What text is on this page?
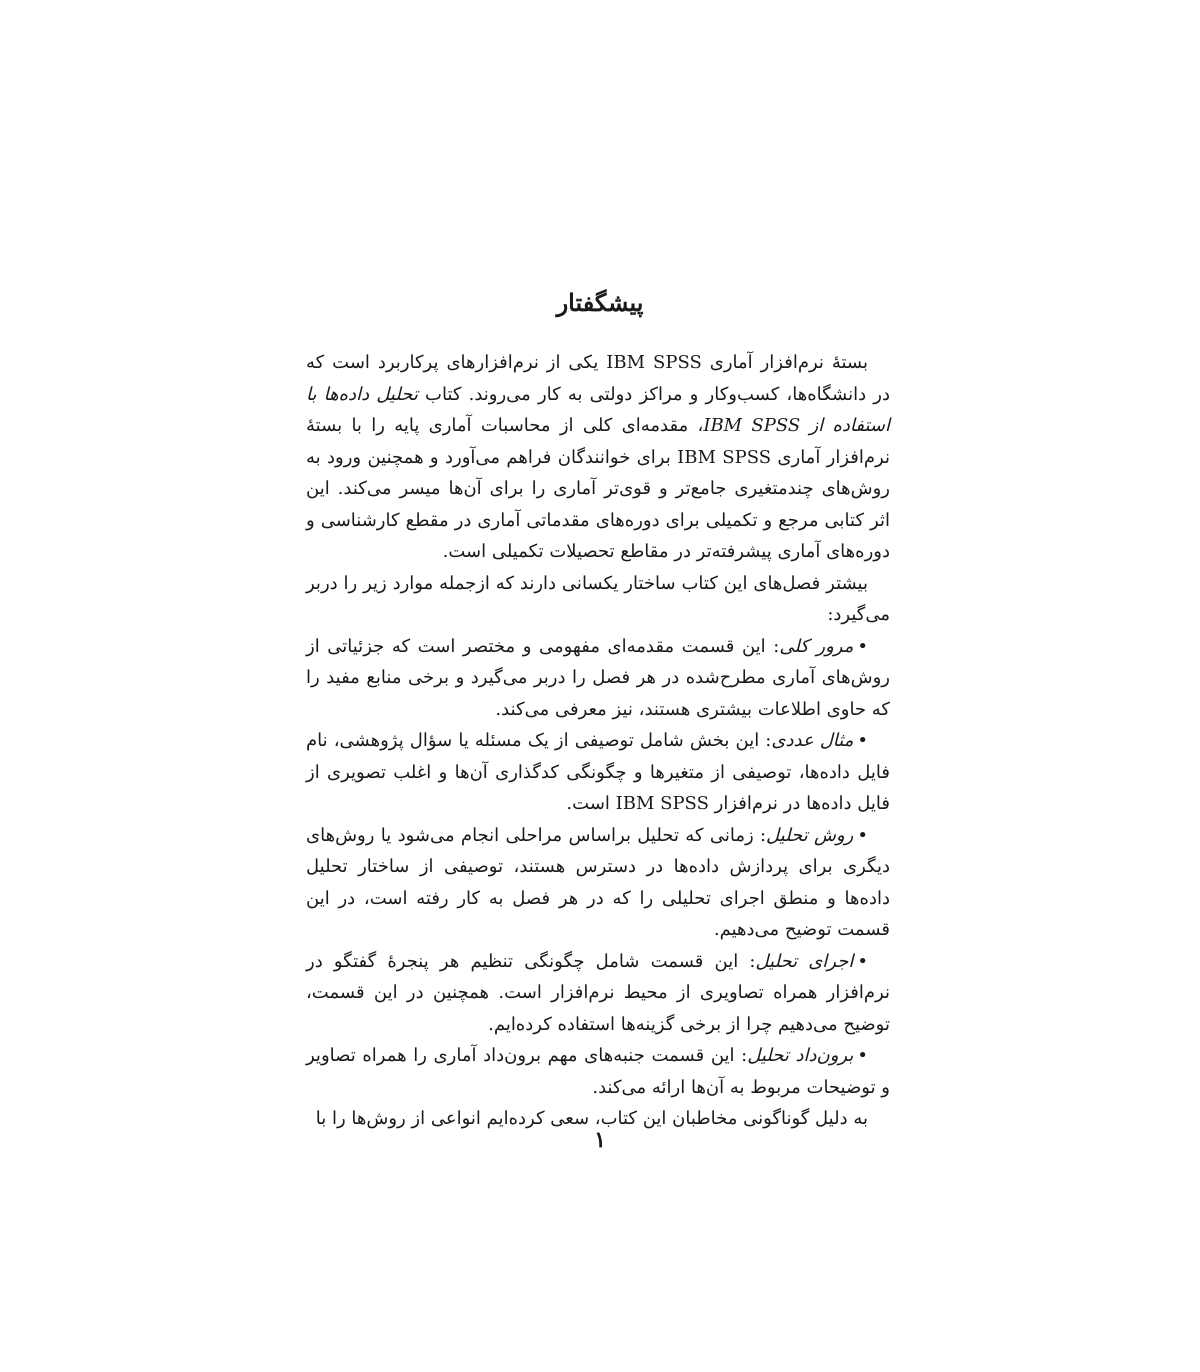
پیشگفتار

بستهٔ نرم‌افزار آماری IBM SPSS یکی از نرم‌افزارهای پرکاربرد است که در دانشگاه‌ها، کسب‌وکار و مراکز دولتی به کار می‌روند. کتاب تحلیل داده‌ها با استفاده از IBM SPSS، مقدمه‌ای کلی از محاسبات آماری پایه را با بستهٔ نرم‌افزار آماری IBM SPSS برای خوانندگان فراهم می‌آورد و همچنین ورود به روش‌های چندمتغیری جامع‌تر و قوی‌تر آماری را برای آن‌ها میسر می‌کند. این اثر کتابی مرجع و تکمیلی برای دوره‌های مقدماتی آماری در مقطع کارشناسی و دوره‌های آماری پیشرفته‌تر در مقاطع تحصیلات تکمیلی است.

بیشتر فصل‌های این کتاب ساختار یکسانی دارند که ازجمله موارد زیر را دربر می‌گیرد:

•مرور کلی: این قسمت مقدمه‌ای مفهومی و مختصر است که جزئیاتی از روش‌های آماری مطرح‌شده در هر فصل را دربر می‌گیرد و برخی منابع مفید را که حاوی اطلاعات بیشتری هستند، نیز معرفی می‌کند.

•مثال عددی: این بخش شامل توصیفی از یک مسئله یا سؤال پژوهشی، نام فایل داده‌ها، توصیفی از متغیرها و چگونگی کدگذاری آن‌ها و اغلب تصویری از فایل داده‌ها در نرم‌افزار IBM SPSS است.

•روش تحلیل: زمانی که تحلیل براساس مراحلی انجام می‌شود یا روش‌های دیگری برای پردازش داده‌ها در دسترس هستند، توصیفی از ساختار تحلیل داده‌ها و منطق اجرای تحلیلی را که در هر فصل به کار رفته است، در این قسمت توضیح می‌دهیم.

•اجرای تحلیل: این قسمت شامل چگونگی تنظیم هر پنجرهٔ گفتگو در نرم‌افزار همراه تصاویری از محیط نرم‌افزار است. همچنین در این قسمت، توضیح می‌دهیم چرا از برخی گزینه‌ها استفاده کرده‌ایم.

•برون‌داد تحلیل: این قسمت جنبه‌های مهم برون‌داد آماری را همراه تصاویر و توضیحات مربوط به آن‌ها ارائه می‌کند.

به دلیل گوناگونی مخاطبان این کتاب، سعی کرده‌ایم انواعی از روش‌ها را با

۱
